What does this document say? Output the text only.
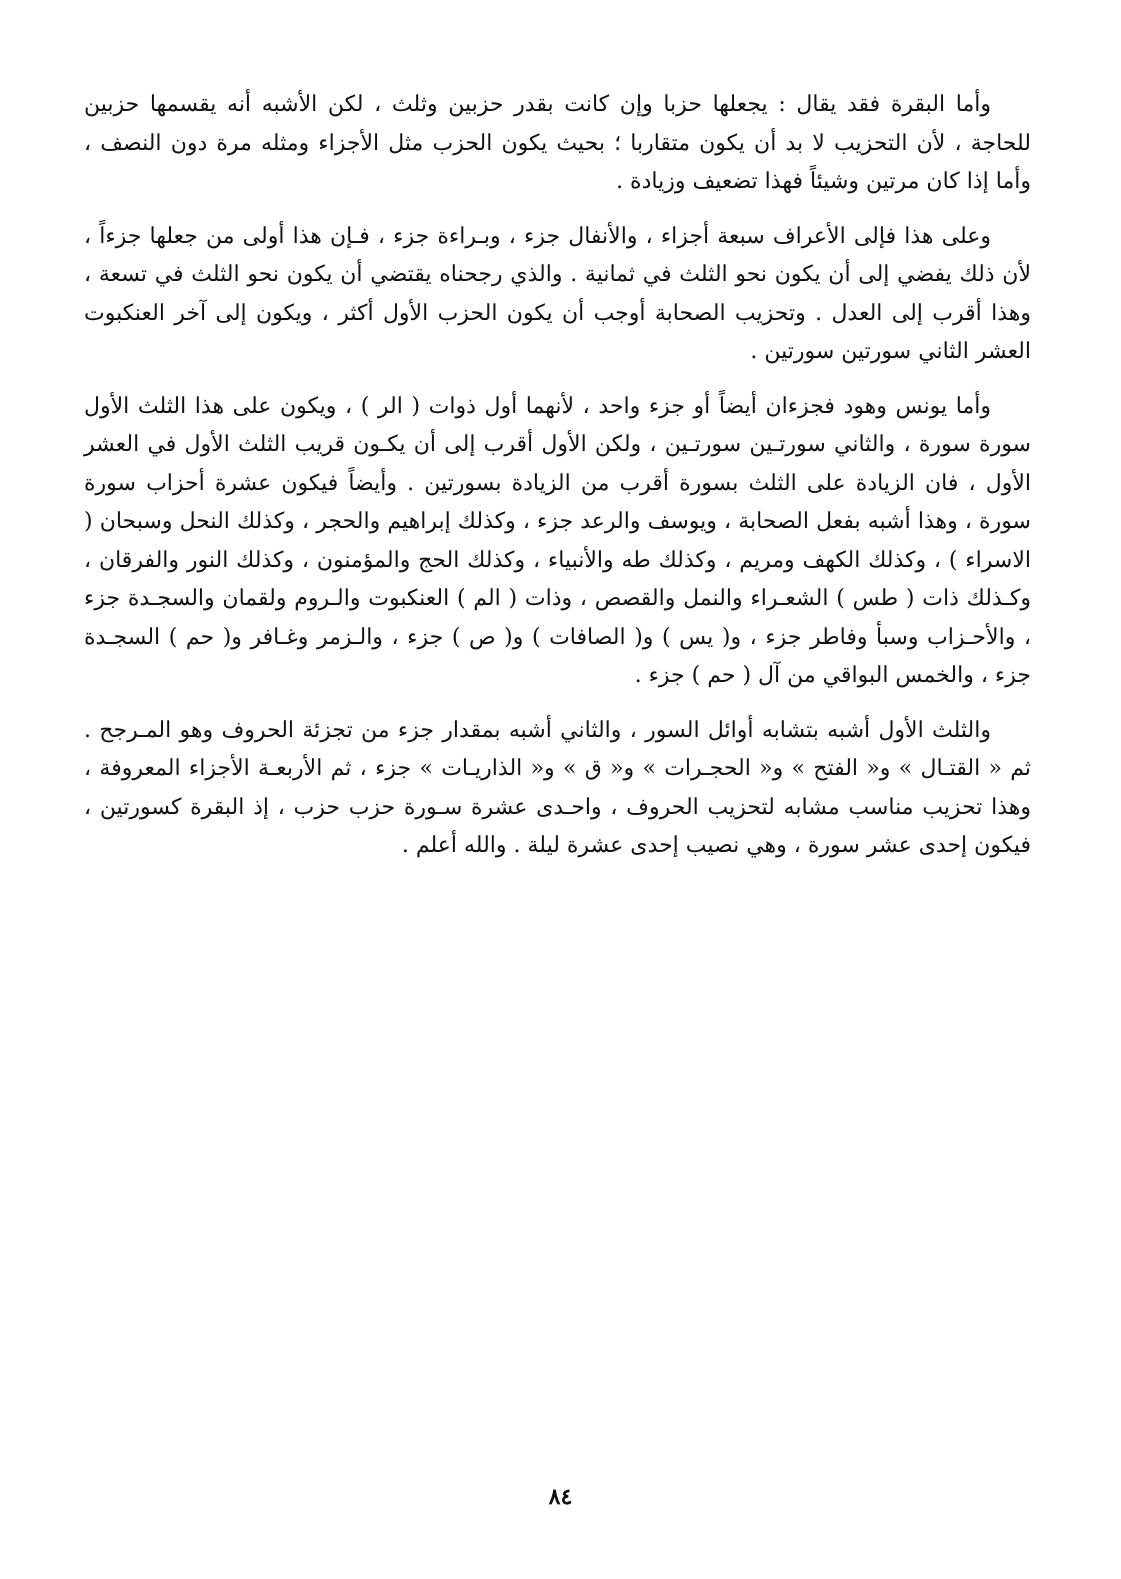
وأما البقرة فقد يقال : يجعلها حزبا وإن كانت بقدر حزبين وثلث ، لكن الأشبه أنه يقسمها حزبين للحاجة ، لأن التحزيب لا بد أن يكون متقاربا ؛ بحيث يكون الحزب مثل الأجزاء ومثله مرة دون النصف ، وأما إذا كان مرتين وشيئاً فهذا تضعيف وزيادة .

وعلى هذا فإلى الأعراف سبعة أجزاء ، والأنفال جزء ، وبـراءة جزء ، فـإن هذا أولى من جعلها جزءاً ، لأن ذلك يفضي إلى أن يكون نحو الثلث في ثمانية . والذي رجحناه يقتضي أن يكون نحو الثلث في تسعة ، وهذا أقرب إلى العدل . وتحزيب الصحابة أوجب أن يكون الحزب الأول أكثر ، ويكون إلى آخر العنكبوت العشر الثاني سورتين سورتين .

وأما يونس وهود فجزءان أيضاً أو جزء واحد ، لأنهما أول ذوات ( الر ) ، ويكون على هذا الثلث الأول سورة سورة ، والثاني سورتـين سورتـين ، ولكن الأول أقرب إلى أن يكـون قريب الثلث الأول في العشر الأول ، فان الزيادة على الثلث بسورة أقرب من الزيادة بسورتين . وأيضاً فيكون عشرة أحزاب سورة سورة ، وهذا أشبه بفعل الصحابة ، ويوسف والرعد جزء ، وكذلك إبراهيم والحجر ، وكذلك النحل وسبحان ( الاسراء ) ، وكذلك الكهف ومريم ، وكذلك طه والأنبياء ، وكذلك الحج والمؤمنون ، وكذلك النور والفرقان ، وكـذلك ذات ( طس ) الشعـراء والنمل والقصص ، وذات ( الم ) العنكبوت والـروم ولقمان والسجـدة جزء ، والأحـزاب وسبأ وفاطر جزء ، و( يس ) و( الصافات ) و( ص ) جزء ، والـزمر وغـافر و( حم ) السجـدة جزء ، والخمس البواقي من آل ( حم ) جزء .

والثلث الأول أشبه بتشابه أوائل السور ، والثاني أشبه بمقدار جزء من تجزئة الحروف وهو المـرجح . ثم « القتـال » و« الفتح » و« الحجـرات » و« ق » و« الذاريـات » جزء ، ثم الأربعـة الأجزاء المعروفة ، وهذا تحزيب مناسب مشابه لتحزيب الحروف ، واحـدى عشرة سـورة حزب حزب ، إذ البقرة كسورتين ، فيكون إحدى عشر سورة ، وهي نصيب إحدى عشرة ليلة . والله أعلم .

٨٤
